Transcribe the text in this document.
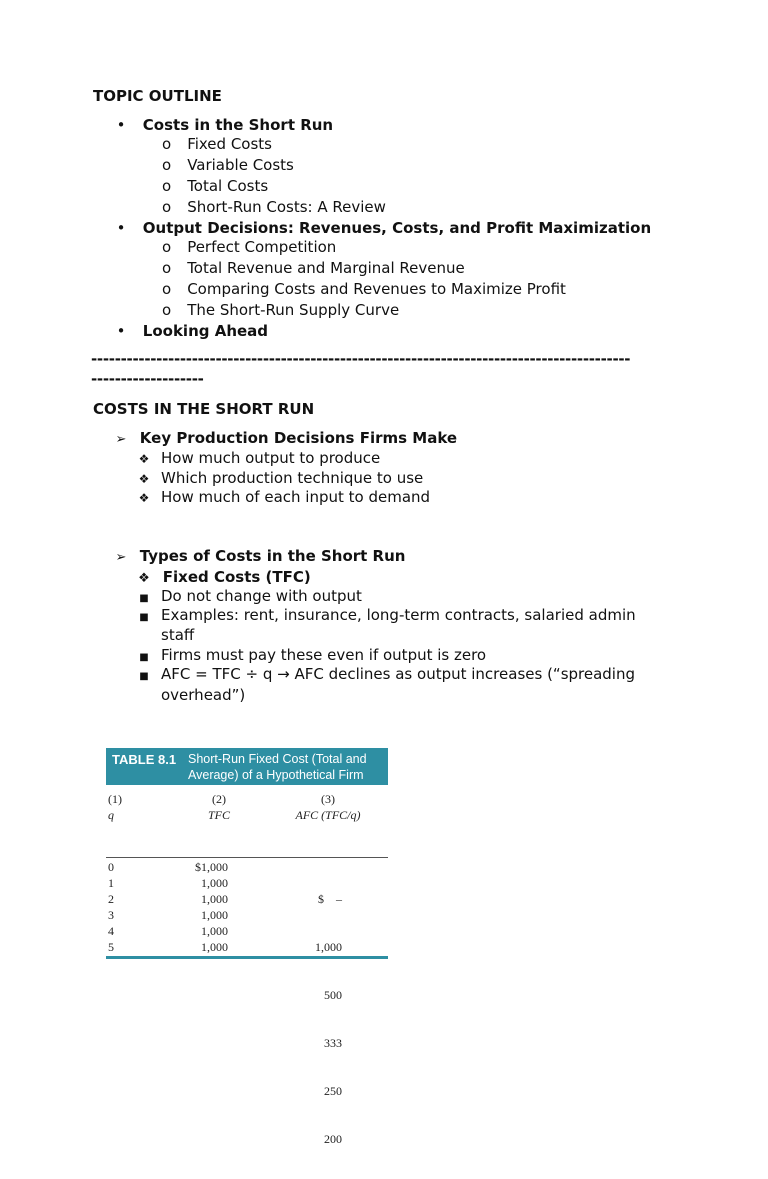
TOPIC OUTLINE
• Costs in the Short Run
o Fixed Costs
o Variable Costs
o Total Costs
o Short-Run Costs: A Review
• Output Decisions: Revenues, Costs, and Profit Maximization
o Perfect Competition
o Total Revenue and Marginal Revenue
o Comparing Costs and Revenues to Maximize Profit
o The Short-Run Supply Curve
• Looking Ahead
-------------------------------------------------------------------------------------------
-------------------
COSTS IN THE SHORT RUN
➢ Key Production Decisions Firms Make
❖ How much output to produce
❖ Which production technique to use
❖ How much of each input to demand
➢ Types of Costs in the Short Run
❖ Fixed Costs (TFC)
■ Do not change with output
■ Examples: rent, insurance, long-term contracts, salaried admin
staff
■ Firms must pay these even if output is zero
■ AFC = TFC ÷ q → AFC declines as output increases (“spreading
overhead”)
TABLE 8.1 Short-Run Fixed Cost (Total and
Average) of a Hypothetical Firm
(1)
q
(2)
TFC
(3)
AFC (TFC/q)
0
1
2
3
4
5
$1,000
1,000
1,000
1,000
1,000
1,000

$    –

1,000

500

333

250

200
